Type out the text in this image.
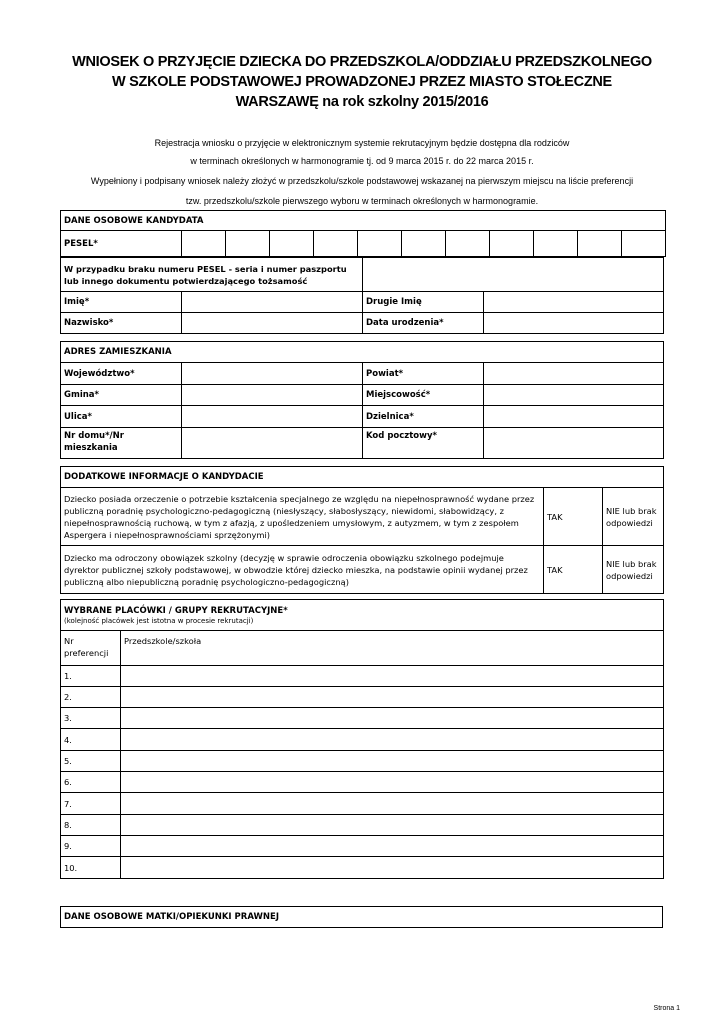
WNIOSEK O PRZYJĘCIE DZIECKA DO PRZEDSZKOLA/ODDZIAŁU PRZEDSZKOLNEGO
W SZKOLE PODSTAWOWEJ PROWADZONEJ PRZEZ MIASTO STOŁECZNE
WARSZAWĘ na rok szkolny 2015/2016
Rejestracja wniosku o przyjęcie w elektronicznym systemie rekrutacyjnym będzie dostępna dla rodziców
w terminach określonych w harmonogramie tj. od 9 marca 2015 r. do 22 marca 2015 r.
Wypełniony i podpisany wniosek należy złożyć w przedszkolu/szkole podstawowej wskazanej na pierwszym miejscu na liście preferencji
tzw. przedszkolu/szkole pierwszego wyboru w terminach określonych w harmonogramie.
DANE OSOBOWE KANDYDATA
PESEL*											
W przypadku braku numeru PESEL - seria i numer paszportu lub innego dokumentu potwierdzającego tożsamość			
Imię*		Drugie Imię	
Nazwisko*		Data urodzenia*	
ADRES ZAMIESZKANIA			
Województwo*		Powiat*	
Gmina*		Miejscowość*	
Ulica*		Dzielnica*	
Nr domu*/Nr mieszkania		Kod pocztowy*	
DODATKOWE INFORMACJE O KANDYDACIE		
Dziecko posiada orzeczenie o potrzebie kształcenia specjalnego ze względu na niepełnosprawność wydane przez publiczną poradnię psychologiczno-pedagogiczną (niesłyszący, słabosłyszący, niewidomi, słabowidzący, z niepełnosprawnością ruchową, w tym z afazją, z upośledzeniem umysłowym, z autyzmem, w tym z zespołem Aspergera i niepełnosprawnościami sprzężonymi)	TAK	NIE lub brak odpowiedzi
Dziecko ma odroczony obowiązek szkolny (decyzję w sprawie odroczenia obowiązku szkolnego podejmuje dyrektor publicznej szkoły podstawowej, w obwodzie której dziecko mieszka, na podstawie opinii wydanej przez publiczną albo niepubliczną poradnię psychologiczno-pedagogiczną)	TAK	NIE lub brak odpowiedzi
WYBRANE PLACÓWKI / GRUPY REKRUTACYJNE*
(kolejność placówek jest istotna w procesie rekrutacji)	

Nr preferencji	Przedszkole/szkoła
1.	
2.	
3.	
4.	
5.	
6.	
7.	
8.	
9.	
10.	
DANE OSOBOWE MATKI/OPIEKUNKI PRAWNEJ
Strona 1
